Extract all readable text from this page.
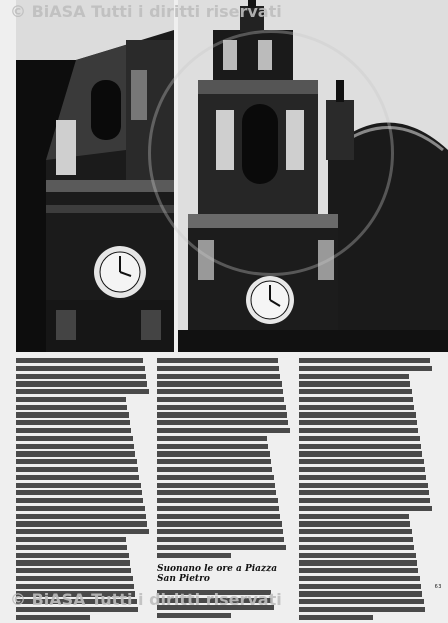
© BiASA Tutti i diritti riservati
Suonano le ore a Piazza San Pietro
63
© BiASA Tutti i diritti riservati
